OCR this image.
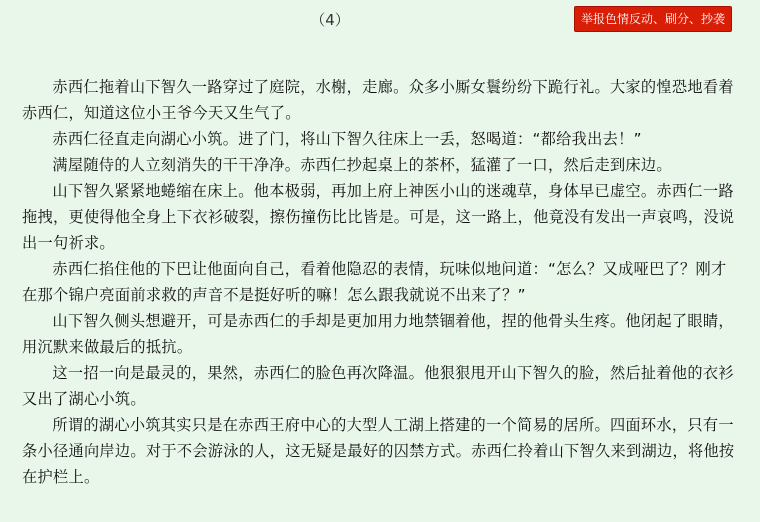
（4）	举报色情反动、刷分、抄袭

赤西仁拖着山下智久一路穿过了庭院，水榭，走廊。众多小厮女鬟纷纷下跪行礼。大家的惶恐地看着赤西仁，知道这位小王爷今天又生气了。

赤西仁径直走向湖心小筑。进了门，将山下智久往床上一丢，怒喝道：“都给我出去！”

满屋随侍的人立刻消失的干干净净。赤西仁抄起桌上的茶杯，猛灌了一口，然后走到床边。

山下智久紧紧地蜷缩在床上。他本极弱，再加上府上神医小山的迷魂草，身体早已虚空。赤西仁一路拖拽，更使得他全身上下衣衫破裂，擦伤撞伤比比皆是。可是，这一路上，他竟没有发出一声哀鸣，没说出一句祈求。

赤西仁掐住他的下巴让他面向自己，看着他隐忍的表情，玩味似地问道：“怎么？又成哑巴了？刚才在那个锦户亮面前求救的声音不是挺好听的嘛！怎么跟我就说不出来了？”

山下智久侧头想避开，可是赤西仁的手却是更加用力地禁锢着他，捏的他骨头生疼。他闭起了眼睛，用沉默来做最后的抵抗。

这一招一向是最灵的，果然，赤西仁的脸色再次降温。他狠狠甩开山下智久的脸，然后扯着他的衣衫又出了湖心小筑。

所谓的湖心小筑其实只是在赤西王府中心的大型人工湖上搭建的一个简易的居所。四面环水，只有一条小径通向岸边。对于不会游泳的人，这无疑是最好的囚禁方式。赤西仁拎着山下智久来到湖边，将他按在护栏上。
